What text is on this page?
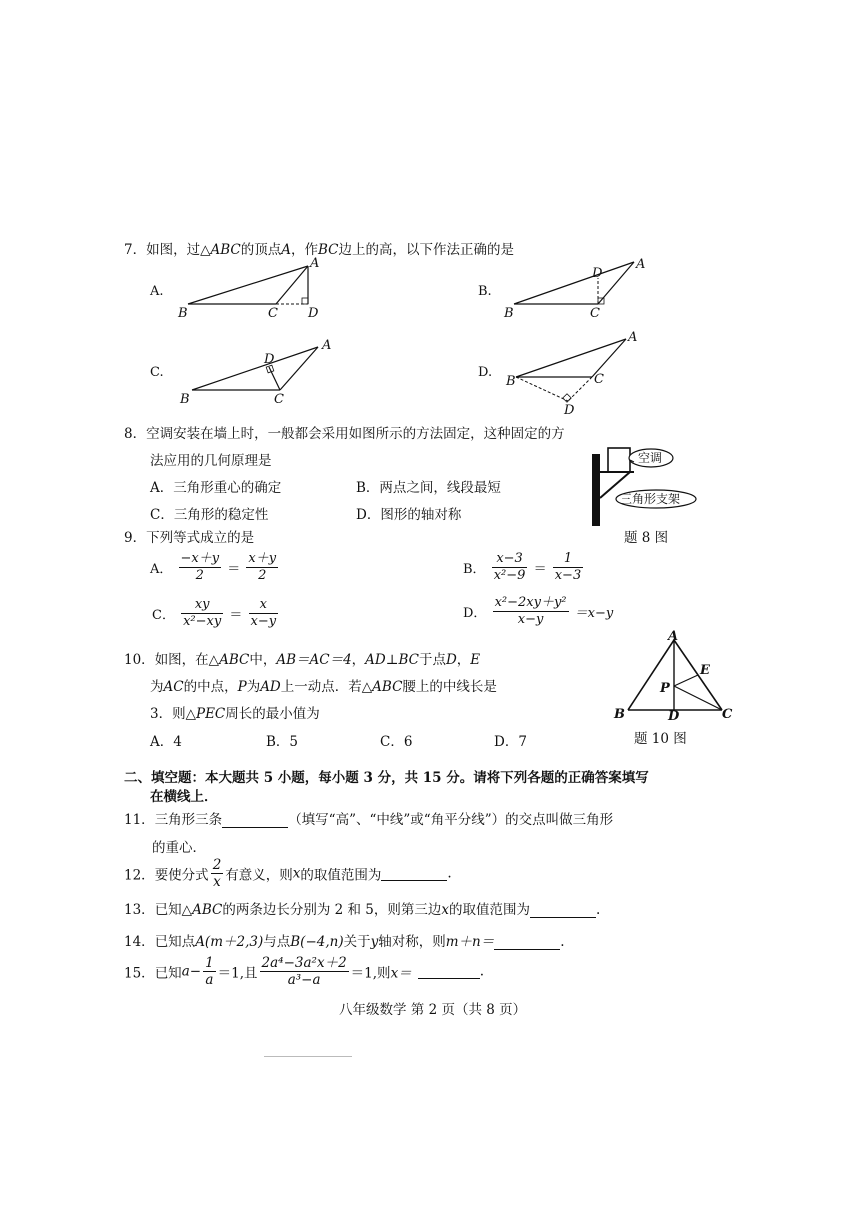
7．如图，过△ABC的顶点A，作BC边上的高，以下作法正确的是
A.	B.
C.	D.
A
B	C D
A
D
B	C
A
D
B	C
A
B	C
D
8．空调安装在墙上时，一般都会采用如图所示的方法固定，这种固定的方
法应用的几何原理是
A．三角形重心的确定	B．两点之间，线段最短
C．三角形的稳定性	D．图形的轴对称
空调
三角形支架
题 8 图
9．下列等式成立的是
A． $\frac{-x+y}{2} = \frac{x+y}{2}$	B． $\frac{x-3}{\text{x²−9}} = \frac{1}{x-3}$
C． $\frac{xy}{\text{x²−xy}} = \frac{x}{x-y}$	D． $\frac{\text{x²−2xy＋y²}}{x-y} =x-y$
10．如图，在△ABC中，AB＝AC＝4，AD⊥BC于点D，E
为AC的中点，P为AD上一动点．若△ABC腰上的中线长是
3．则△PEC周长的最小值为
A．4	B．5	C．6	D．7
A
E
P
B	D	C
题 10 图
二、填空题：本大题共 5 小题，每小题 3 分，共 15 分。请将下列各题的正确答案填写
在横线上．
11．三角形三条	（填写“高”、“中线”或“角平分线”）的交点叫做三角形
的重心．
12．要使分式 $\frac{2}{x}$ 有意义，则x的取值范围为	.
13．已知△ABC的两条边长分别为 2 和 5，则第三边x的取值范围为	.
14．已知点A(m＋2,3)与点B(−4,n)关于y轴对称，则m＋n＝	.
15．已知$a- \frac{1}{a} =1$,且 $\frac{\text{2a⁴−3a²x＋2}}{\text{a³−a}} =1$,则x＝	.
八年级数学 第 2 页（共 8 页）
